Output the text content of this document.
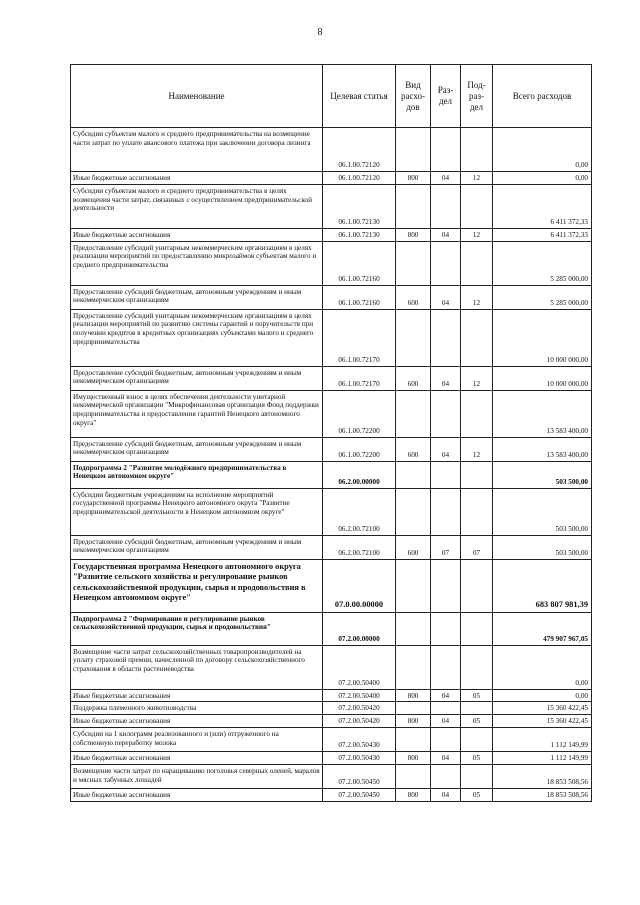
8
Наименование	Целевая статья	Вид расхо-дов	Раз-дел	Под-раз-дел	Всего расходов
Субсидии субъектам малого и среднего предпринимательства на возмещение части затрат по уплате авансового платежа при заключении договора лизинга	06.1.00.72120				0,00
Иные бюджетные ассигнования	06.1.00.72120	800	04	12	0,00
Субсидии субъектам малого и среднего предпринимательства в целях возмещения части затрат, связанных с осуществлением предпринимательской деятельности	06.1.00.72130				6 411 372,33
Иные бюджетные ассигнования	06.1.00.72130	800	04	12	6 411 372,33
Предоставление субсидий унитарным некоммерческим организациям в целях реализации мероприятий по предоставлению микрозаймов субъектам малого и среднего предпринимательства	06.1.00.72160				5 285 000,00
Предоставление субсидий бюджетным, автономным учреждениям и иным некоммерческим организациям	06.1.00.72160	600	04	12	5 285 000,00
Предоставление субсидий унитарным некоммерческим организациям в целях реализации мероприятий по развитию системы гарантий и поручительств при получении кредитов в кредитных организациях субъектами малого и среднего предпринимательства	06.1.00.72170				10 000 000,00
Предоставление субсидий бюджетным, автономным учреждениям и иным некоммерческим организациям	06.1.00.72170	600	04	12	10 000 000,00
Имущественный взнос в целях обеспечения деятельности унитарной некоммерческой организации "Микрофинансовая организация Фонд поддержки предпринимательства и предоставления гарантий Ненецкого автономного округа"	06.1.00.72200				13 583 400,00
Предоставление субсидий бюджетным, автономным учреждениям и иным некоммерческим организациям	06.1.00.72200	600	04	12	13 583 400,00
Подпрограмма 2 "Развитие молодёжного предпринимательства в Ненецком автономном округе"	06.2.00.00000				503 500,00
Субсидии бюджетным учреждениям на исполнение мероприятий государственной программы Ненецкого автономного округа "Развитие предпринимательской деятельности в Ненецком автономном округе"	06.2.00.72100				503 500,00
Предоставление субсидий бюджетным, автономным учреждениям и иным некоммерческим организациям	06.2.00.72100	600	07	07	503 500,00
Государственная программа Ненецкого автономного округа "Развитие сельского хозяйства и регулирование рынков сельскохозяйственной продукции, сырья и продовольствия в Ненецком автономном округе"	07.0.00.00000				683 807 981,39
Подпрограмма 2 "Формирование и регулирование рынков сельскохозяйственной продукции, сырья и продовольствия"	07.2.00.00000				479 907 967,05
Возмещение части затрат сельскохозяйственных товаропроизводителей на уплату страховой премии, начисленной по договору сельскохозяйственного страхования в области растениеводства	07.2.00.50400				0,00
Иные бюджетные ассигнования	07.2.00.50400	800	04	05	0,00
Поддержка племенного животноводства	07.2.00.50420				15 360 422,45
Иные бюджетные ассигнования	07.2.00.50420	800	04	05	15 360 422,45
Субсидии на 1 килограмм реализованного и (или) отгруженного на собственную переработку молока	07.2.00.50430				1 112 149,99
Иные бюджетные ассигнования	07.2.00.50430	800	04	05	1 112 149,99
Возмещение части затрат по наращиванию поголовья северных оленей, маралов и мясных табунных лошадей	07.2.00.50450				18 853 508,56
Иные бюджетные ассигнования	07.2.00.50450	800	04	05	18 853 508,56
